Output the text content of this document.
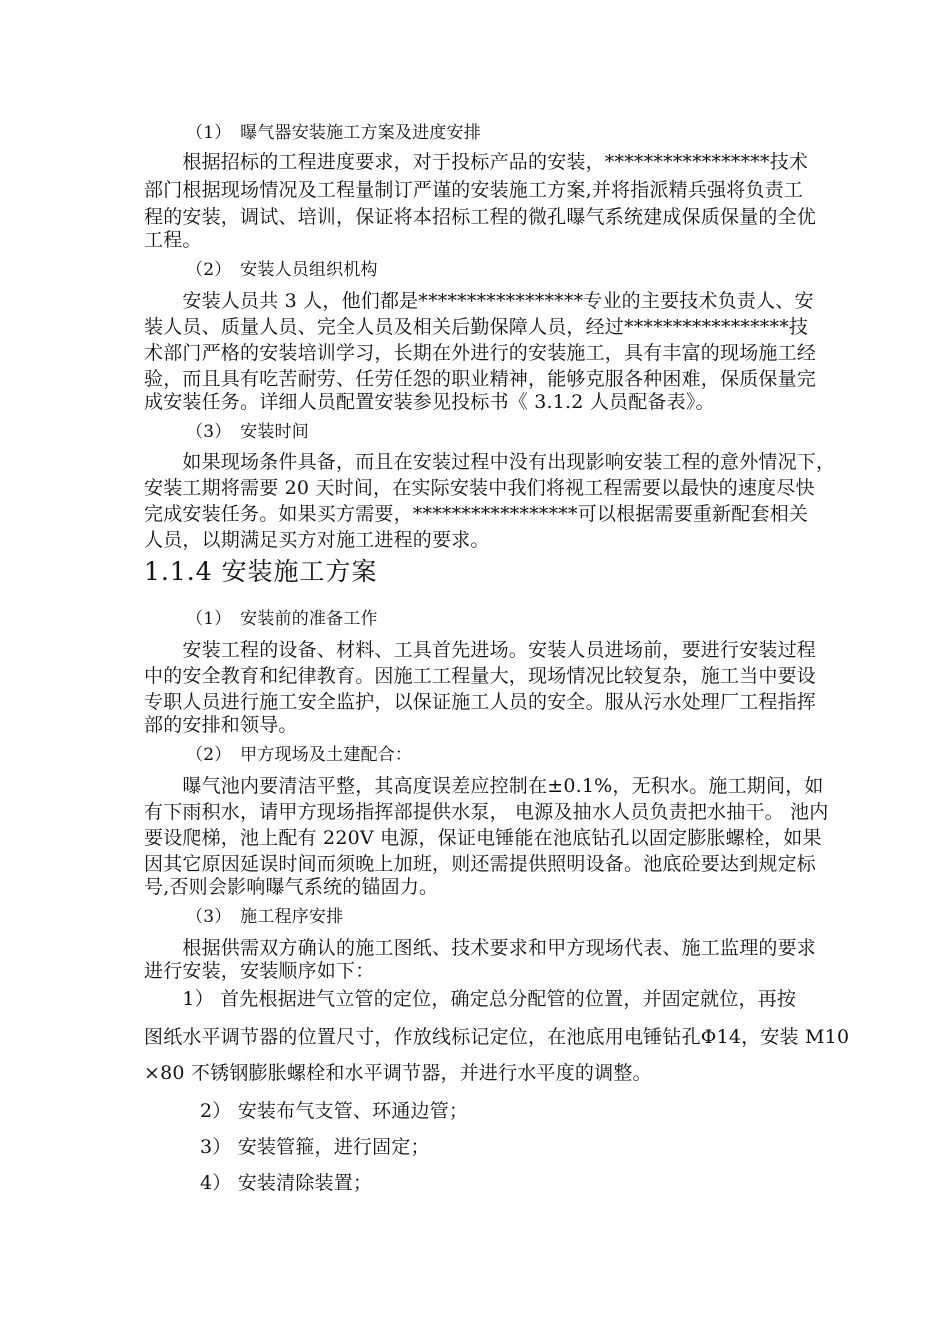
（1）　曝气器安装施工方案及进度安排
　　根据招标的工程进度要求，对于投标产品的安装，*****************技术
部门根据现场情况及工程量制订严谨的安装施工方案,并将指派精兵强将负责工
程的安装，调试、培训，保证将本招标工程的微孔曝气系统建成保质保量的全优
工程。
（2）　安装人员组织机构
　　安装人员共 3 人，他们都是*****************专业的主要技术负责人、安
装人员、质量人员、完全人员及相关后勤保障人员，经过*****************技
术部门严格的安装培训学习，长期在外进行的安装施工，具有丰富的现场施工经
验，而且具有吃苦耐劳、任劳任怨的职业精神，能够克服各种困难，保质保量完
成安装任务。详细人员配置安装参见投标书《 3.1.2 人员配备表》。
（3）　安装时间
　　如果现场条件具备，而且在安装过程中没有出现影响安装工程的意外情况下，
安装工期将需要 20 天时间，在实际安装中我们将视工程需要以最快的速度尽快
完成安装任务。如果买方需要，*****************可以根据需要重新配套相关
人员，以期满足买方对施工进程的要求。
1.1.4 安装施工方案
（1）　安装前的准备工作
　　安装工程的设备、材料、工具首先进场。安装人员进场前，要进行安装过程
中的安全教育和纪律教育。因施工工程量大，现场情况比较复杂，施工当中要设
专职人员进行施工安全监护，以保证施工人员的安全。服从污水处理厂工程指挥
部的安排和领导。
（2）　甲方现场及土建配合：
　　曝气池内要清洁平整，其高度误差应控制在±0.1%，无积水。施工期间，如
有下雨积水，请甲方现场指挥部提供水泵， 电源及抽水人员负责把水抽干。 池内
要设爬梯，池上配有 220V 电源，保证电锤能在池底钻孔以固定膨胀螺栓，如果
因其它原因延误时间而须晚上加班，则还需提供照明设备。池底砼要达到规定标
号,否则会影响曝气系统的锚固力。
（3）　施工程序安排
　　根据供需双方确认的施工图纸、技术要求和甲方现场代表、施工监理的要求
进行安装，安装顺序如下：
　　1） 首先根据进气立管的定位，确定总分配管的位置，并固定就位，再按
图纸水平调节器的位置尺寸，作放线标记定位，在池底用电锤钻孔Φ14，安装 M10
×80 不锈钢膨胀螺栓和水平调节器，并进行水平度的调整。
2） 安装布气支管、环通边管；
3） 安装管箍，进行固定；
4） 安装清除装置；
